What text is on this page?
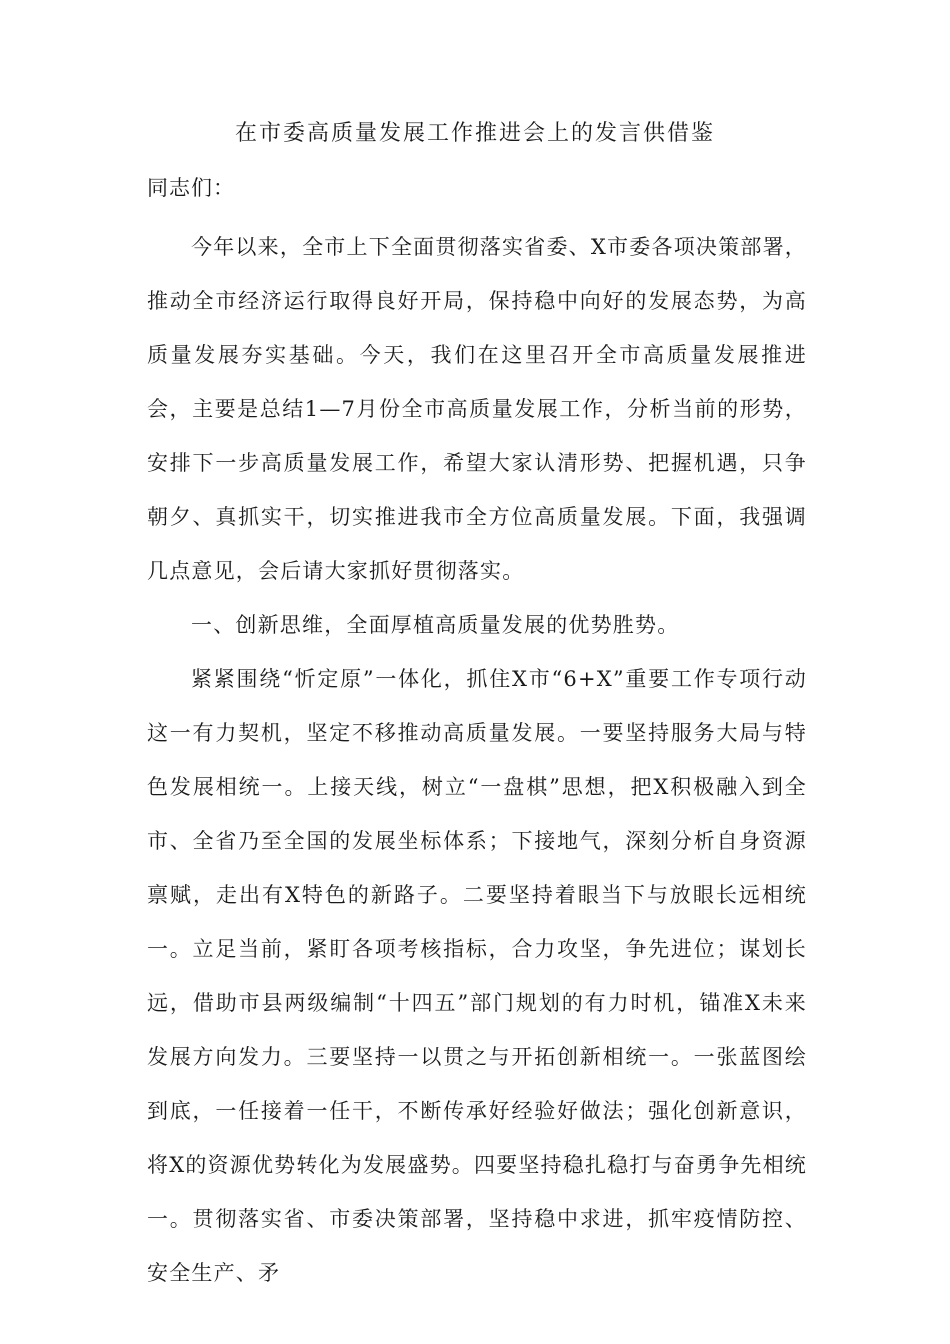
在市委高质量发展工作推进会上的发言供借鉴
同志们：

今年以来，全市上下全面贯彻落实省委、X市委各项决策部署，推动全市经济运行取得良好开局，保持稳中向好的发展态势，为高质量发展夯实基础。今天，我们在这里召开全市高质量发展推进会，主要是总结1—7月份全市高质量发展工作，分析当前的形势，安排下一步高质量发展工作，希望大家认清形势、把握机遇，只争朝夕、真抓实干，切实推进我市全方位高质量发展。下面，我强调几点意见，会后请大家抓好贯彻落实。

一、创新思维，全面厚植高质量发展的优势胜势。

紧紧围绕“忻定原”一体化，抓住X市“6+X”重要工作专项行动这一有力契机，坚定不移推动高质量发展。一要坚持服务大局与特色发展相统一。上接天线，树立“一盘棋”思想，把X积极融入到全市、全省乃至全国的发展坐标体系；下接地气，深刻分析自身资源禀赋，走出有X特色的新路子。二要坚持着眼当下与放眼长远相统一。立足当前，紧盯各项考核指标，合力攻坚，争先进位；谋划长远，借助市县两级编制“十四五”部门规划的有力时机，锚准X未来发展方向发力。三要坚持一以贯之与开拓创新相统一。一张蓝图绘到底，一任接着一任干，不断传承好经验好做法；强化创新意识，将X的资源优势转化为发展盛势。四要坚持稳扎稳打与奋勇争先相统一。贯彻落实省、市委决策部署，坚持稳中求进，抓牢疫情防控、安全生产、矛
